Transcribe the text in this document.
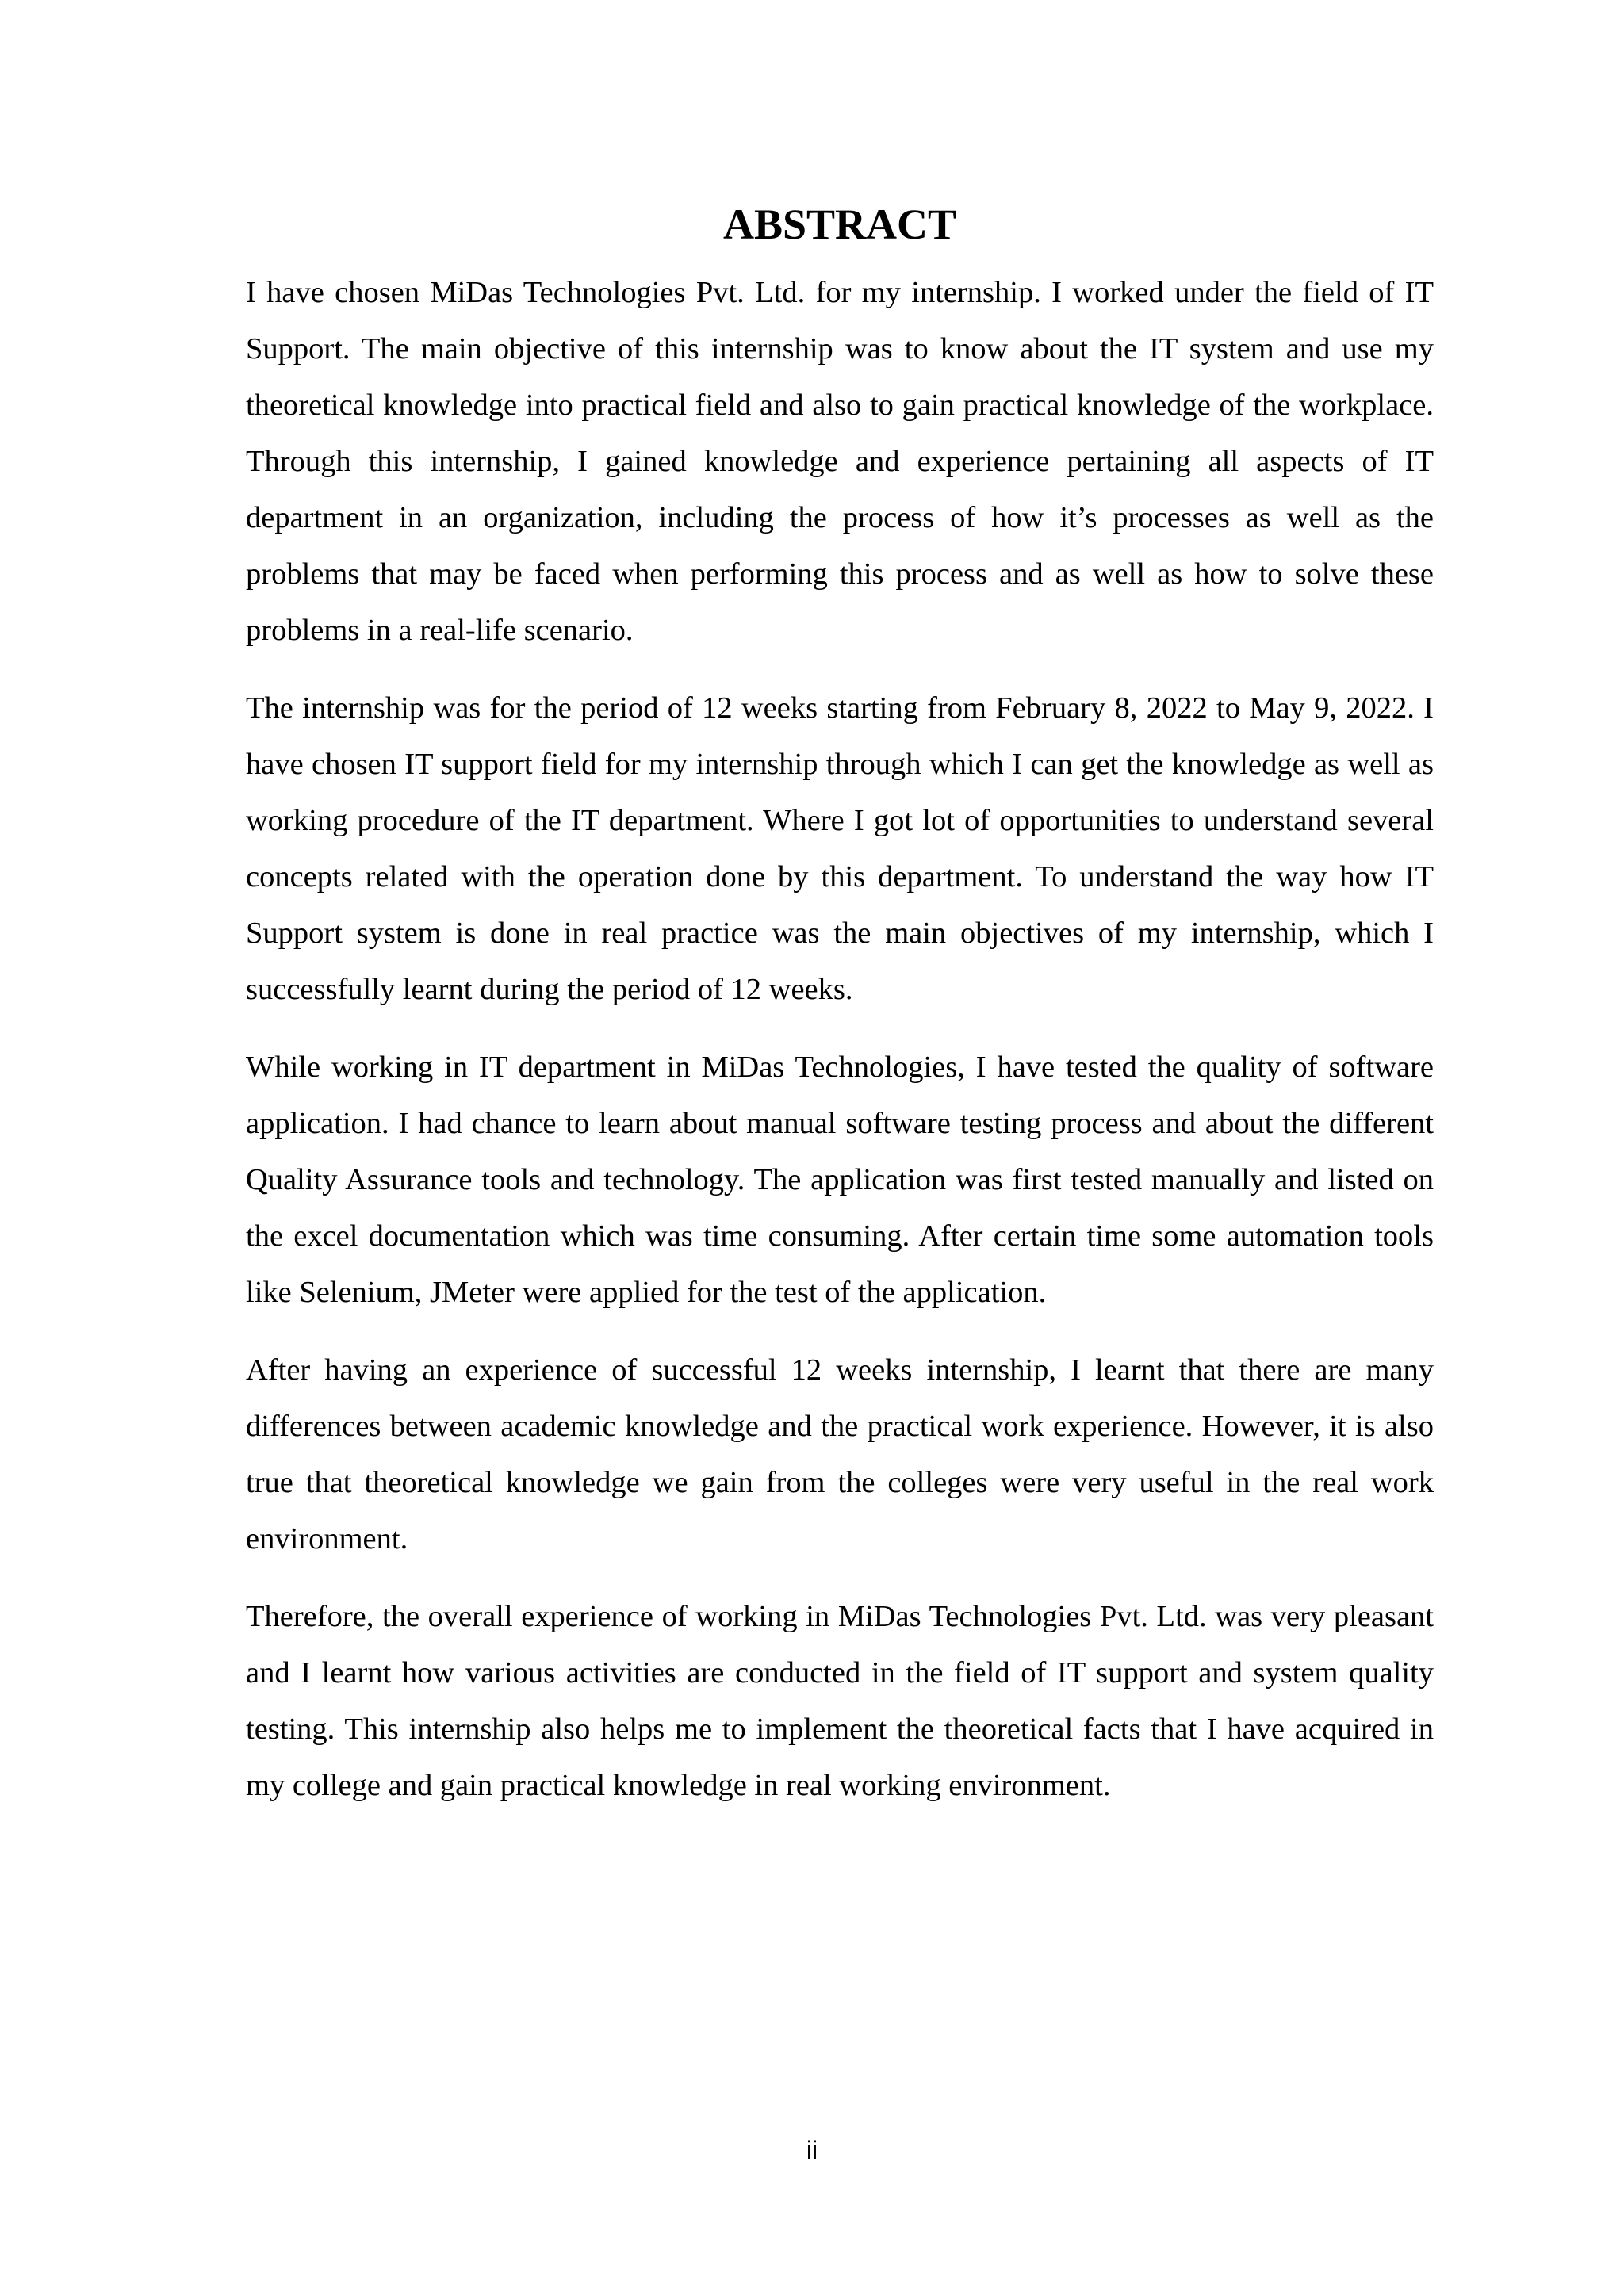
ABSTRACT

I have chosen MiDas Technologies Pvt. Ltd. for my internship. I worked under the field of IT Support. The main objective of this internship was to know about the IT system and use my theoretical knowledge into practical field and also to gain practical knowledge of the workplace. Through this internship, I gained knowledge and experience pertaining all aspects of IT department in an organization, including the process of how it’s processes as well as the problems that may be faced when performing this process and as well as how to solve these problems in a real-life scenario.

The internship was for the period of 12 weeks starting from February 8, 2022 to May 9, 2022. I have chosen IT support field for my internship through which I can get the knowledge as well as working procedure of the IT department. Where I got lot of opportunities to understand several concepts related with the operation done by this department. To understand the way how IT Support system is done in real practice was the main objectives of my internship, which I successfully learnt during the period of 12 weeks.

While working in IT department in MiDas Technologies, I have tested the quality of software application. I had chance to learn about manual software testing process and about the different Quality Assurance tools and technology. The application was first tested manually and listed on the excel documentation which was time consuming. After certain time some automation tools like Selenium, JMeter were applied for the test of the application.

After having an experience of successful 12 weeks internship, I learnt that there are many differences between academic knowledge and the practical work experience. However, it is also true that theoretical knowledge we gain from the colleges were very useful in the real work environment.

Therefore, the overall experience of working in MiDas Technologies Pvt. Ltd. was very pleasant and I learnt how various activities are conducted in the field of IT support and system quality testing. This internship also helps me to implement the theoretical facts that I have acquired in my college and gain practical knowledge in real working environment.

ii
